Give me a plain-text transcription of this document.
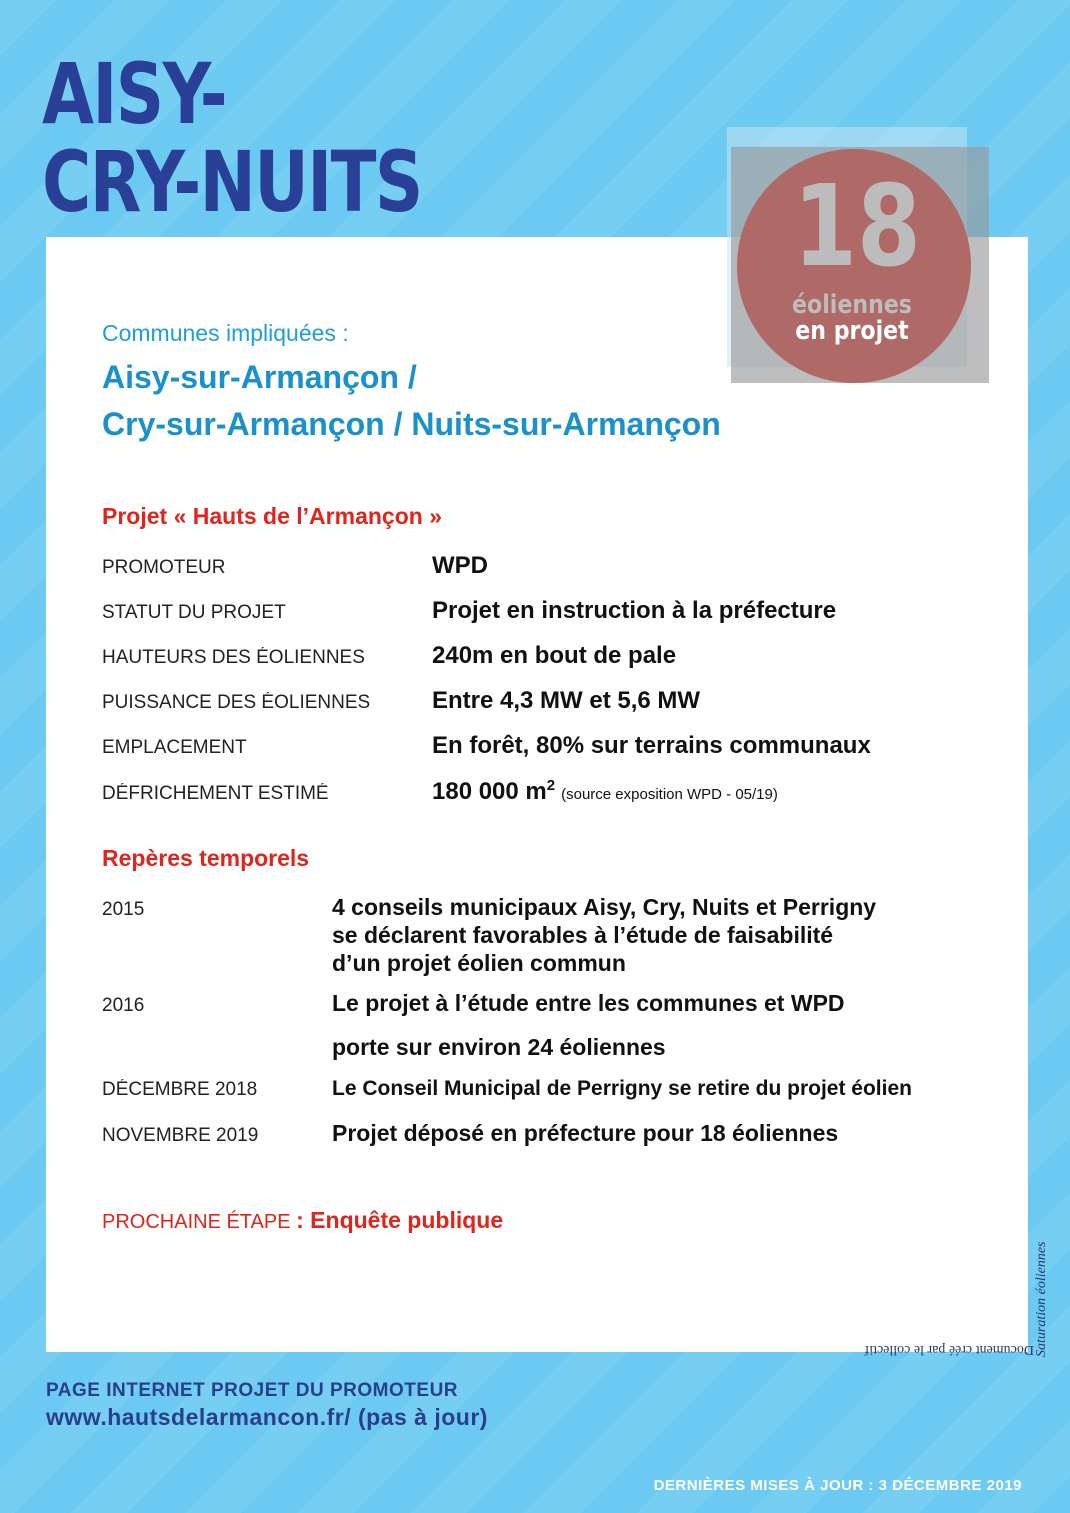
AISY-
CRY-NUITS	18
éoliennes
en projet
Communes impliquées :
Aisy-sur-Armançon /
Cry-sur-Armançon / Nuits-sur-Armançon
Projet « Hauts de l’Armançon »
PROMOTEUR .....	WPD
STATUT DU PROJET .....	Projet en instruction à la préfecture
HAUTEURS DES ÉOLIENNES .....	240m en bout de pale
PUISSANCE DES ÉOLIENNES .....	Entre 4,3 MW et 5,6 MW
EMPLACEMENT .....	En forêt, 80% sur terrains communaux
DÉFRICHEMENT ESTIMÉ .....	180 000 $m^2(source$ exposition WPD - 05/19)
Repères temporels
2015 .....	4 conseils municipaux Aisy, Cry, Nuits et Perrigny
se déclarent favorables à l’étude de faisabilité
d’un projet éolien commun
2016 .....	Le projet à l’étude entre les communes et WPD
porte sur environ 24 éoliennes
DÉCEMBRE 2018 .....	Le Conseil Municipal de Perrigny se retire du projet éolien
NOVEMBRE 2019 .....	Projet déposé en préfecture pour 18 éoliennes
PROCHAINE ÉTAPE : Enquête publique
Document créé par le collectif Saturation éoliennes
PAGE INTERNET PROJET DU PROMOTEUR
www.hautsdelarmancon.fr/ (pas à jour)
DERNIÈRES MISES À JOUR : 3 DÉCEMBRE 2019
